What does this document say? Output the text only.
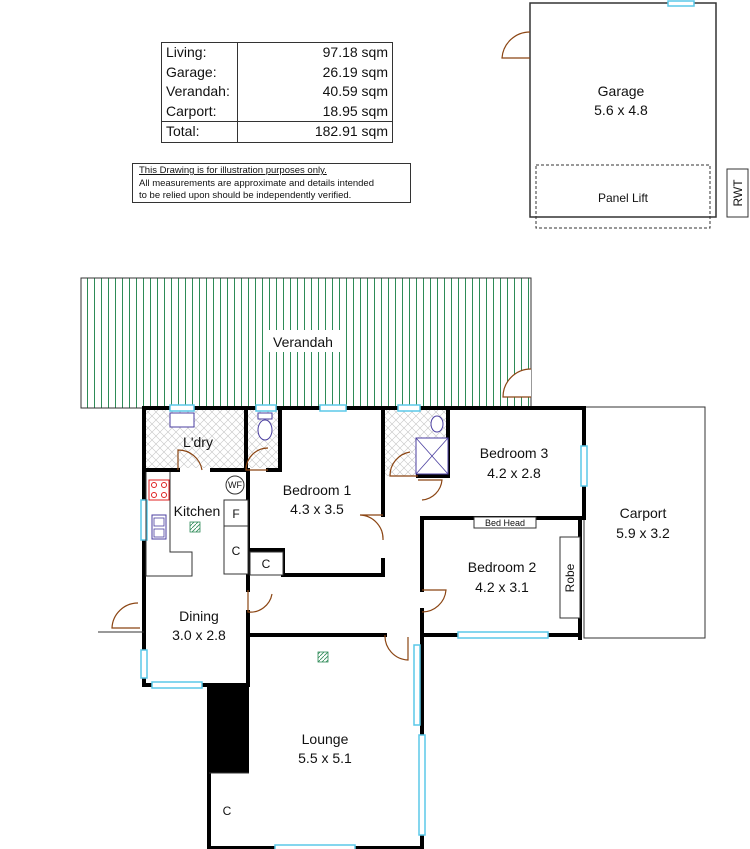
Living:	97.18 sqm
Garage:	26.19 sqm
Verandah:	40.59 sqm
Carport:	18.95 sqm
Total:	182.91 sqm
This Drawing is for illustration purposes only.
All measurements are approximate and details intended
to be relied upon should be independently verified.
Garage
5.6 x 4.8
Panel Lift	RWT
Verandah
Carport
5.9 x 3.2
C
F
C
C
WF
Robe
Bed Head
L'dry
Kitchen
Bedroom 1
4.3 x 3.5
Bedroom 3
4.2 x 2.8
Bedroom 2
4.2 x 3.1
Dining
3.0 x 2.8
Lounge
5.5 x 5.1
